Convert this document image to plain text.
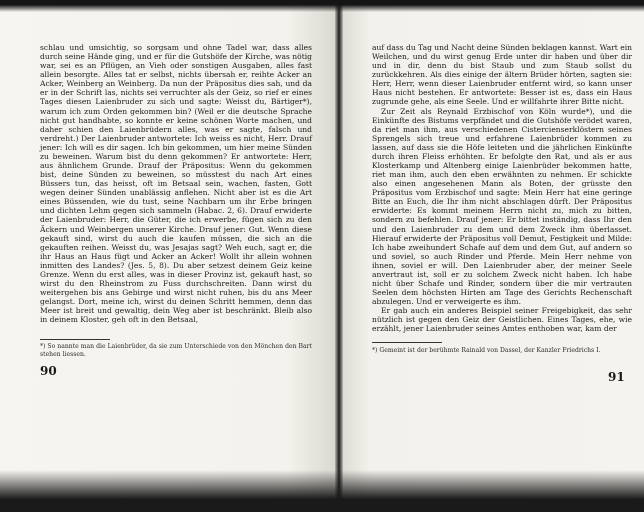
schlau und umsichtig, so sorgsam und ohne Tadel war, dass alles durch seine Hände ging, und er für die Gutshöfe der Kirche, was nötig war, sei es an Pflügen, an Vieh oder sonstigen Ausgaben, alles fast allein besorgte. Alles tat er selbst, nichts übersah er, reihte Acker an Acker, Weinberg an Weinberg. Da nun der Präpositus dies sah, und da er in der Schrift las, nichts sei verruchter als der Geiz, so rief er eines Tages diesen Laienbruder zu sich und sagte: Weisst du, Bärtiger*), warum ich zum Orden gekommen bin? (Weil er die deutsche Sprache nicht gut handhabte, so konnte er keine schönen Worte machen, und daher schien den Laienbrüdern alles, was er sagte, falsch und verdreht.) Der Laienbruder antwortete: Ich weiss es nicht, Herr. Drauf jener: Ich will es dir sagen. Ich bin gekommen, um hier meine Sünden zu beweinen. Warum bist du denn gekommen? Er antwortete: Herr, aus ähnlichem Grunde. Drauf der Präpositus: Wenn du gekommen bist, deine Sünden zu beweinen, so müsstest du nach Art eines Büssers tun, das heisst, oft im Betsaal sein, wachen, fasten, Gott wegen deiner Sünden unablässig anflehen. Nicht aber ist es die Art eines Büssenden, wie du tust, seine Nachbarn um ihr Erbe bringen und dichten Lehm gegen sich sammeln (Habac. 2, 6). Drauf erwiderte der Laienbruder: Herr, die Güter, die ich erwerbe, fügen sich zu den Äckern und Weinbergen unserer Kirche. Drauf jener: Gut. Wenn diese gekauft sind, wirst du auch die kaufen müssen, die sich an die gekauften reihen. Weisst du, was Jesajas sagt? Weh euch, sagt er, die ihr Haus an Haus fügt und Acker an Acker! Wollt ihr allein wohnen inmitten des Landes? (Jes. 5, 8). Du aber setzest deinem Geiz keine Grenze. Wenn du erst alles, was in dieser Provinz ist, gekauft hast, so wirst du den Rheinstrom zu Fuss durchschreiten. Dann wirst du weitergehen bis ans Gebirge und wirst nicht ruhen, bis du ans Meer gelangst. Dort, meine ich, wirst du deinen Schritt hemmen, denn das Meer ist breit und gewaltig, dein Weg aber ist beschränkt. Bleib also in deinem Kloster, geh oft in den Betsaal,

*) So nannte man die Laienbrüder, da sie zum Unterschiede von den Mönchen den Bart stehen liessen.

90

auf dass du Tag und Nacht deine Sünden beklagen kannst. Wart ein Weilchen, und du wirst genug Erde unter dir haben und über dir und in dir, denn du bist Staub und zum Staub sollst du zurückkehren. Als dies einige der ältern Brüder hörten, sagten sie: Herr, Herr, wenn dieser Laienbruder entfernt wird, so kann unser Haus nicht bestehen. Er antwortete: Besser ist es, dass ein Haus zugrunde gehe, als eine Seele. Und er willfahrte ihrer Bitte nicht.

Zur Zeit als Reynald Erzbischof von Köln wurde*), und die Einkünfte des Bistums verpfändet und die Gutshöfe verödet waren, da riet man ihm, aus verschiedenen Cistercienserklöstern seines Sprengels sich treue und erfahrene Laienbrüder kommen zu lassen, auf dass sie die Höfe leiteten und die jährlichen Einkünfte durch ihren Fleiss erhöhten. Er befolgte den Rat, und als er aus Klosterkamp und Altenberg einige Laienbrüder bekommen hatte, riet man ihm, auch den eben erwähnten zu nehmen. Er schickte also einen angesehenen Mann als Boten, der grüsste den Präpositus vom Erzbischof und sagte: Mein Herr hat eine geringe Bitte an Euch, die Ihr ihm nicht abschlagen dürft. Der Präpositus erwiderte: Es kommt meinem Herrn nicht zu, mich zu bitten, sondern zu befehlen. Drauf jener: Er bittet inständig, dass Ihr den und den Laienbruder zu dem und dem Zweck ihm überlasset. Hierauf erwiderte der Präpositus voll Demut, Festigkeit und Milde: Ich habe zweihundert Schafe auf dem und dem Gut, auf andern so und soviel, so auch Rinder und Pferde. Mein Herr nehme von ihnen, soviel er will. Den Laienbruder aber, der meiner Seele anvertraut ist, soll er zu solchem Zweck nicht haben. Ich habe nicht über Schafe und Rinder, sondern über die mir vertrauten Seelen dem höchsten Hirten am Tage des Gerichts Rechenschaft abzulegen. Und er verweigerte es ihm.

Er gab auch ein anderes Beispiel seiner Freigebigkeit, das sehr nützlich ist gegen den Geiz der Geistlichen. Eines Tages, ehe, wie erzählt, jener Laienbruder seines Amtes enthoben war, kam der

*) Gemeint ist der berühmte Rainald von Dassel, der Kanzler Friedrichs I.

91
